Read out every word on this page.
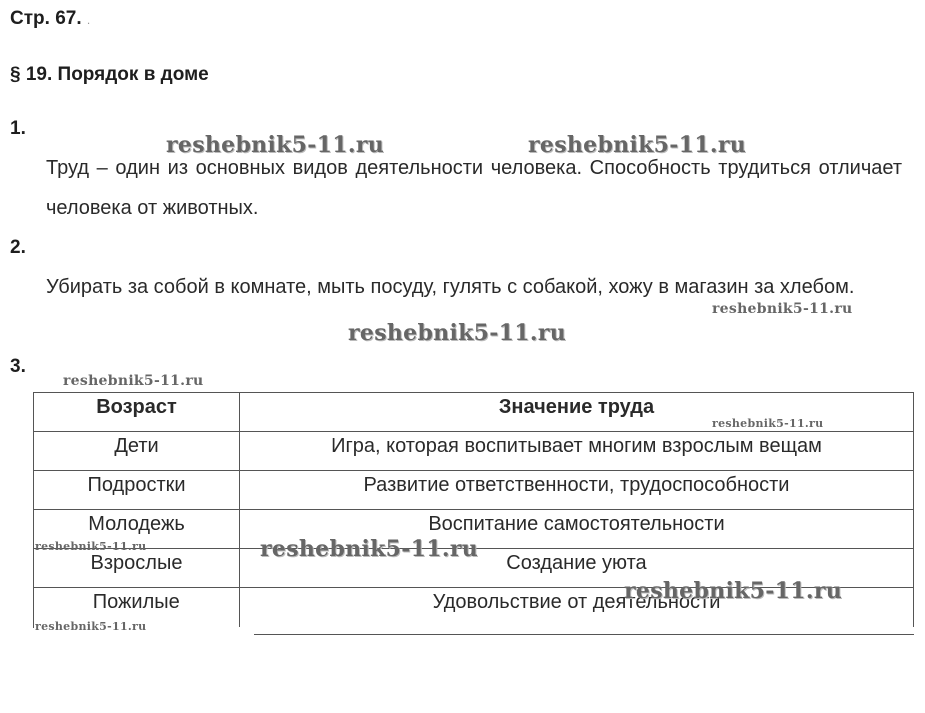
Стр. 67. .
§ 19. Порядок в доме
1.
Труд – один из основных видов деятельности человека. Способность трудиться отличает человека от животных.
2.
Убирать за собой в комнате, мыть посуду, гулять с собакой, хожу в магазин за хлебом.
3.
Возраст	Значение труда
Дети	Игра, которая воспитывает многим взрослым вещам
Подростки	Развитие ответственности, трудоспособности
Молодежь	Воспитание самостоятельности
Взрослые	Создание уюта
Пожилые	Удовольствие от деятельности
reshebnik5-11.ru	reshebnik5-11.ru
reshebnik5-11.ru
reshebnik5-11.ru
reshebnik5-11.ru
reshebnik5-11.ru
reshebnik5-11.ru
reshebnik5-11.ru
reshebnik5-11.ru
reshebnik5-11.ru
